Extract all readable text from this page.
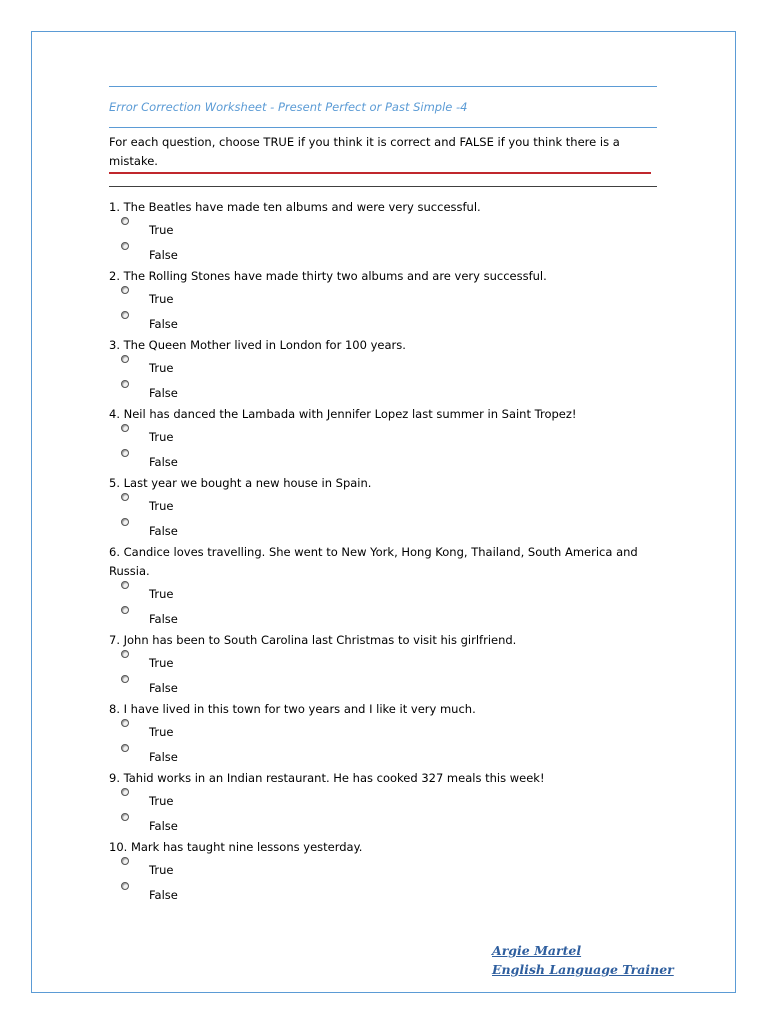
Error Correction Worksheet - Present Perfect or Past Simple -4
For each question, choose TRUE if you think it is correct and FALSE if you think there is a mistake.
1. The Beatles have made ten albums and were very successful.
True
False
2. The Rolling Stones have made thirty two albums and are very successful.
True
False
3. The Queen Mother lived in London for 100 years.
True
False
4. Neil has danced the Lambada with Jennifer Lopez last summer in Saint Tropez!
True
False
5. Last year we bought a new house in Spain.
True
False
6. Candice loves travelling. She went to New York, Hong Kong, Thailand, South America and Russia.
True
False
7. John has been to South Carolina last Christmas to visit his girlfriend.
True
False
8. I have lived in this town for two years and I like it very much.
True
False
9. Tahid works in an Indian restaurant. He has cooked 327 meals this week!
True
False
10. Mark has taught nine lessons yesterday.
True
False
Argie Martel
English Language Trainer
